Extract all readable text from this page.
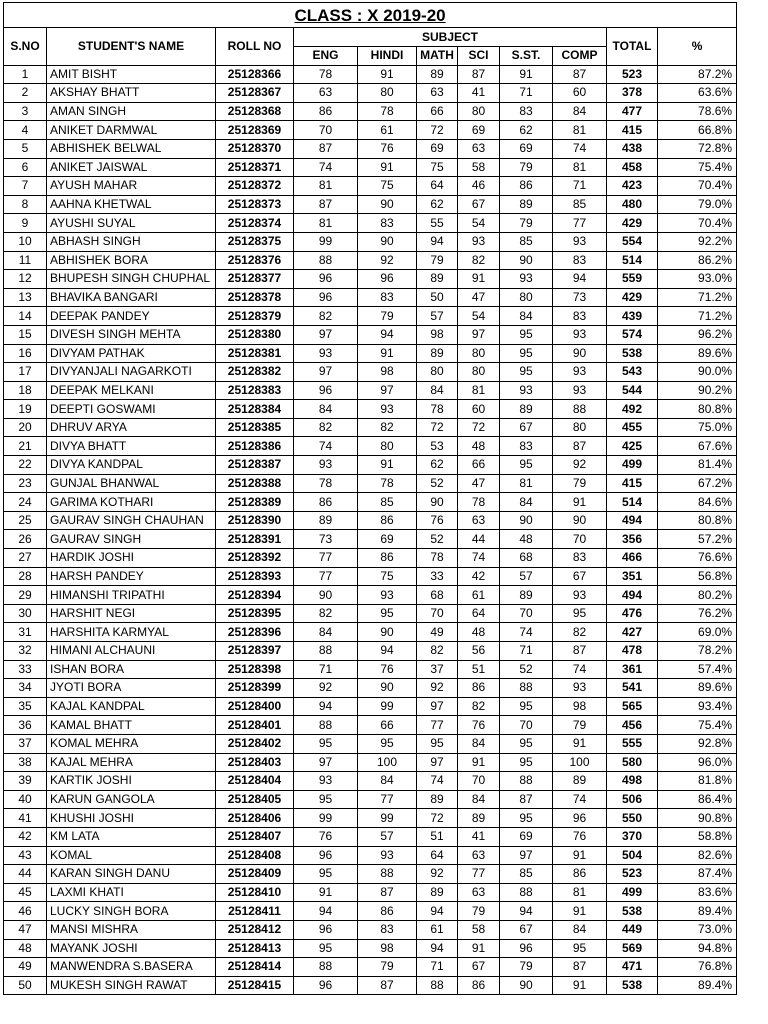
CLASS : X 2019-20										
S.NO	STUDENT'S NAME	ROLL NO	SUBJECT						TOTAL	%
			ENG	HINDI	MATH	SCI	S.ST.	COMP		
1	AMIT BISHT	25128366	78	91	89	87	91	87	523	87.2%
2	AKSHAY BHATT	25128367	63	80	63	41	71	60	378	63.6%
3	AMAN SINGH	25128368	86	78	66	80	83	84	477	78.6%
4	ANIKET DARMWAL	25128369	70	61	72	69	62	81	415	66.8%
5	ABHISHEK BELWAL	25128370	87	76	69	63	69	74	438	72.8%
6	ANIKET JAISWAL	25128371	74	91	75	58	79	81	458	75.4%
7	AYUSH MAHAR	25128372	81	75	64	46	86	71	423	70.4%
8	AAHNA KHETWAL	25128373	87	90	62	67	89	85	480	79.0%
9	AYUSHI SUYAL	25128374	81	83	55	54	79	77	429	70.4%
10	ABHASH SINGH	25128375	99	90	94	93	85	93	554	92.2%
11	ABHISHEK BORA	25128376	88	92	79	82	90	83	514	86.2%
12	BHUPESH SINGH CHUPHAL	25128377	96	96	89	91	93	94	559	93.0%
13	BHAVIKA BANGARI	25128378	96	83	50	47	80	73	429	71.2%
14	DEEPAK PANDEY	25128379	82	79	57	54	84	83	439	71.2%
15	DIVESH SINGH MEHTA	25128380	97	94	98	97	95	93	574	96.2%
16	DIVYAM PATHAK	25128381	93	91	89	80	95	90	538	89.6%
17	DIVYANJALI NAGARKOTI	25128382	97	98	80	80	95	93	543	90.0%
18	DEEPAK MELKANI	25128383	96	97	84	81	93	93	544	90.2%
19	DEEPTI GOSWAMI	25128384	84	93	78	60	89	88	492	80.8%
20	DHRUV ARYA	25128385	82	82	72	72	67	80	455	75.0%
21	DIVYA BHATT	25128386	74	80	53	48	83	87	425	67.6%
22	DIVYA KANDPAL	25128387	93	91	62	66	95	92	499	81.4%
23	GUNJAL BHANWAL	25128388	78	78	52	47	81	79	415	67.2%
24	GARIMA KOTHARI	25128389	86	85	90	78	84	91	514	84.6%
25	GAURAV SINGH CHAUHAN	25128390	89	86	76	63	90	90	494	80.8%
26	GAURAV SINGH	25128391	73	69	52	44	48	70	356	57.2%
27	HARDIK JOSHI	25128392	77	86	78	74	68	83	466	76.6%
28	HARSH PANDEY	25128393	77	75	33	42	57	67	351	56.8%
29	HIMANSHI TRIPATHI	25128394	90	93	68	61	89	93	494	80.2%
30	HARSHIT NEGI	25128395	82	95	70	64	70	95	476	76.2%
31	HARSHITA KARMYAL	25128396	84	90	49	48	74	82	427	69.0%
32	HIMANI ALCHAUNI	25128397	88	94	82	56	71	87	478	78.2%
33	ISHAN BORA	25128398	71	76	37	51	52	74	361	57.4%
34	JYOTI BORA	25128399	92	90	92	86	88	93	541	89.6%
35	KAJAL KANDPAL	25128400	94	99	97	82	95	98	565	93.4%
36	KAMAL BHATT	25128401	88	66	77	76	70	79	456	75.4%
37	KOMAL MEHRA	25128402	95	95	95	84	95	91	555	92.8%
38	KAJAL MEHRA	25128403	97	100	97	91	95	100	580	96.0%
39	KARTIK JOSHI	25128404	93	84	74	70	88	89	498	81.8%
40	KARUN GANGOLA	25128405	95	77	89	84	87	74	506	86.4%
41	KHUSHI JOSHI	25128406	99	99	72	89	95	96	550	90.8%
42	KM LATA	25128407	76	57	51	41	69	76	370	58.8%
43	KOMAL	25128408	96	93	64	63	97	91	504	82.6%
44	KARAN SINGH DANU	25128409	95	88	92	77	85	86	523	87.4%
45	LAXMI KHATI	25128410	91	87	89	63	88	81	499	83.6%
46	LUCKY SINGH BORA	25128411	94	86	94	79	94	91	538	89.4%
47	MANSI MISHRA	25128412	96	83	61	58	67	84	449	73.0%
48	MAYANK JOSHI	25128413	95	98	94	91	96	95	569	94.8%
49	MANWENDRA S.BASERA	25128414	88	79	71	67	79	87	471	76.8%
50	MUKESH SINGH RAWAT	25128415	96	87	88	86	90	91	538	89.4%
